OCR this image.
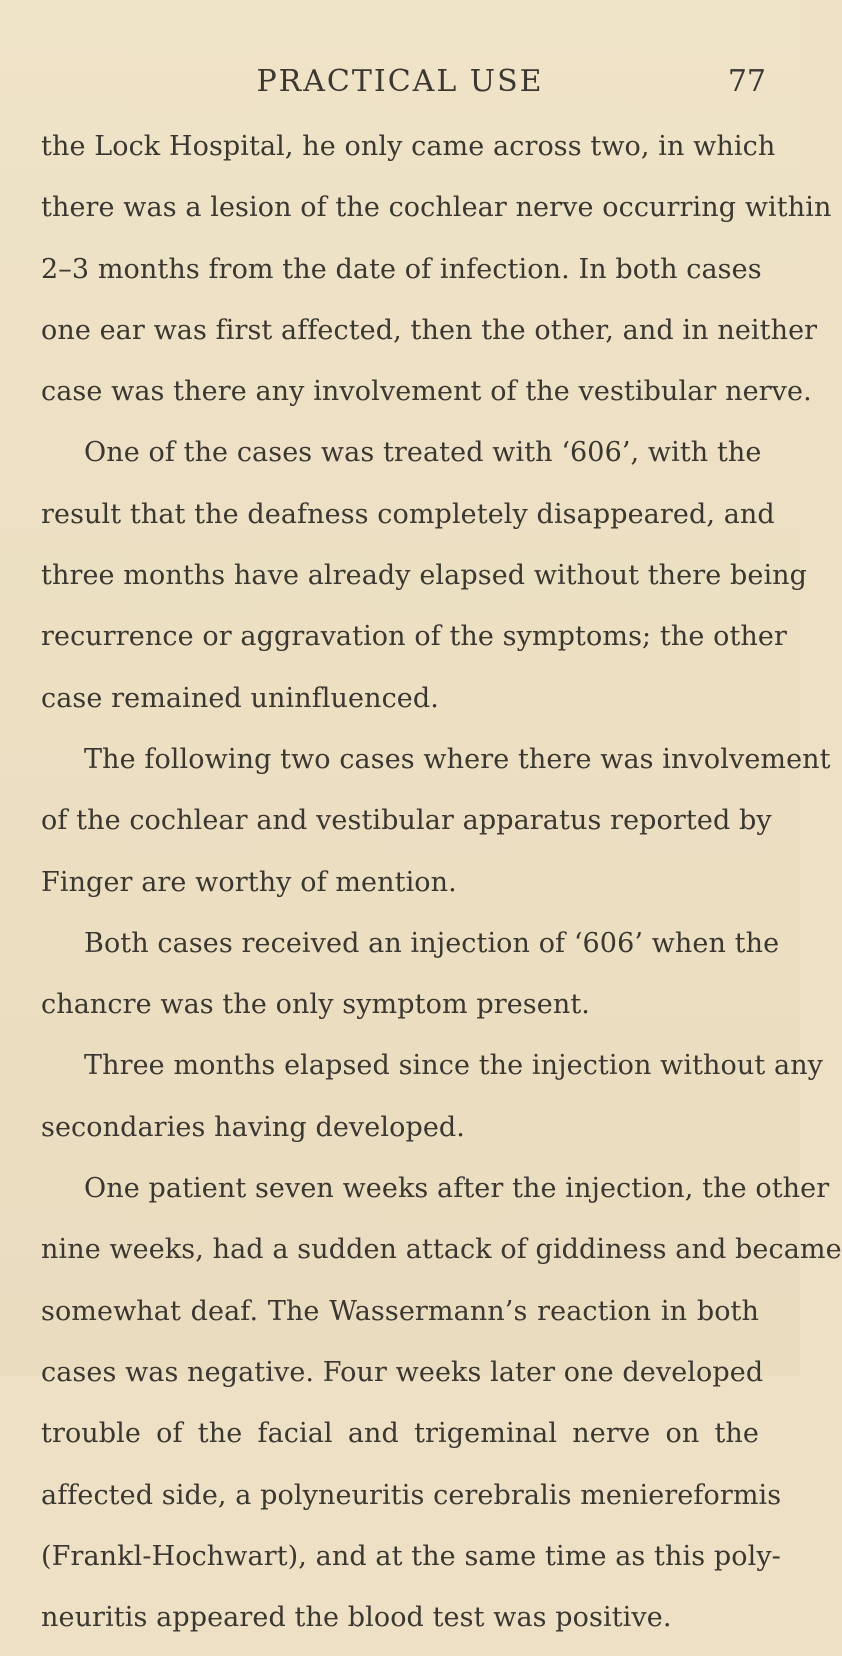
PRACTICAL USE	77
the Lock Hospital, he only came across two, in which
there was a lesion of the cochlear nerve occurring within
2–3 months from the date of infection. In both cases
one ear was first affected, then the other, and in neither
case was there any involvement of the vestibular nerve.
One of the cases was treated with ‘606’, with the
result that the deafness completely disappeared, and
three months have already elapsed without there being
recurrence or aggravation of the symptoms; the other
case remained uninfluenced.
The following two cases where there was involvement
of the cochlear and vestibular apparatus reported by
Finger are worthy of mention.
Both cases received an injection of ‘606’ when the
chancre was the only symptom present.
Three months elapsed since the injection without any
secondaries having developed.
One patient seven weeks after the injection, the other
nine weeks, had a sudden attack of giddiness and became
somewhat deaf. The Wassermann’s reaction in both
cases was negative. Four weeks later one developed
trouble of the facial and trigeminal nerve on the
affected side, a polyneuritis cerebralis meniereformis
(Frankl-Hochwart), and at the same time as this poly-
neuritis appeared the blood test was positive.
